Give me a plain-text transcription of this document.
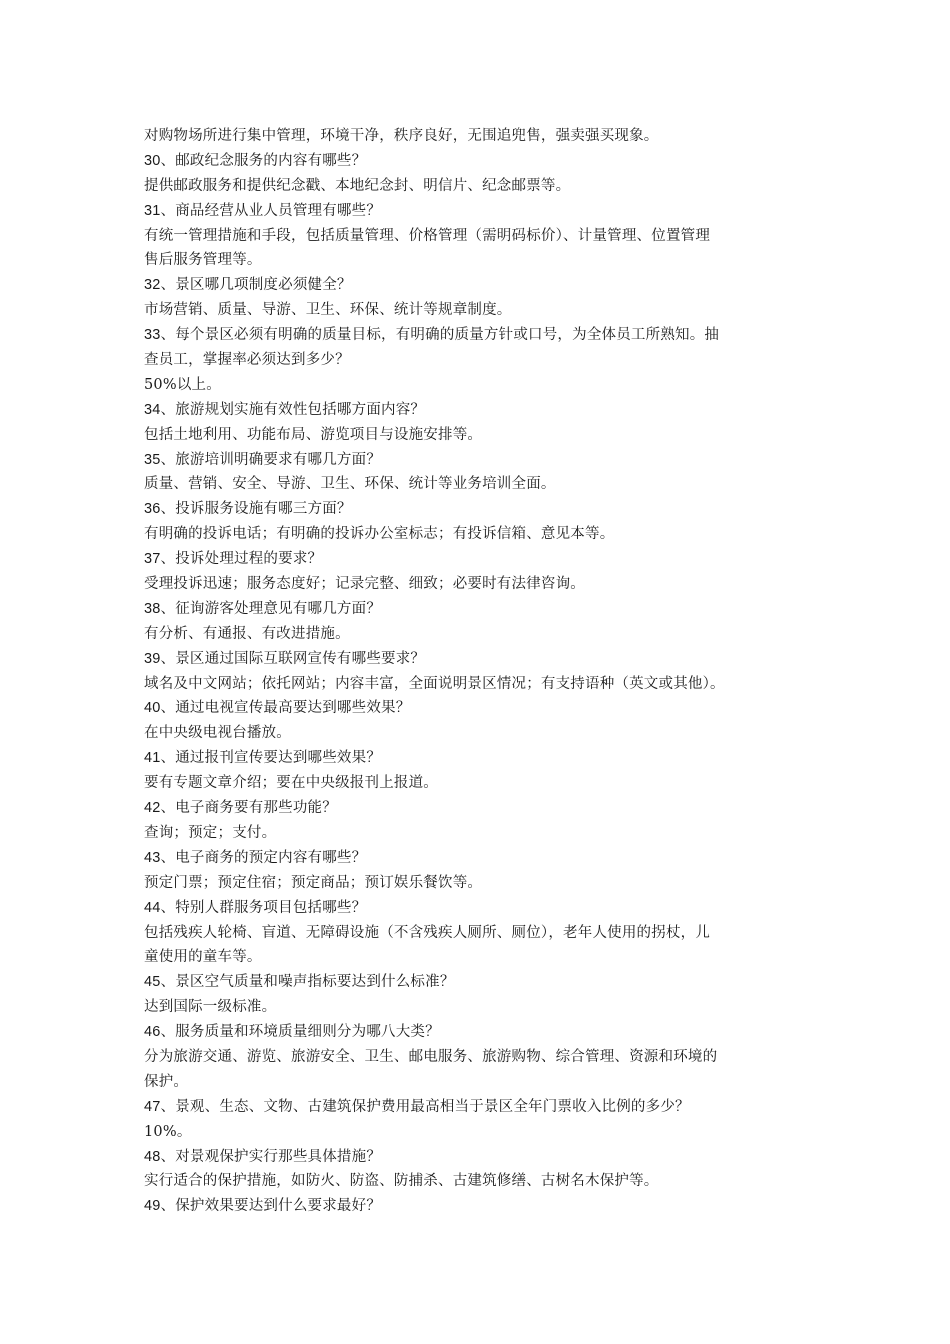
对购物场所进行集中管理，环境干净，秩序良好，无围追兜售，强卖强买现象。
30、邮政纪念服务的内容有哪些？
提供邮政服务和提供纪念戳、本地纪念封、明信片、纪念邮票等。
31、商品经营从业人员管理有哪些？
有统一管理措施和手段，包括质量管理、价格管理（需明码标价）、计量管理、位置管理
售后服务管理等。
32、景区哪几项制度必须健全？
市场营销、质量、导游、卫生、环保、统计等规章制度。
33、每个景区必须有明确的质量目标，有明确的质量方针或口号，为全体员工所熟知。抽
查员工，掌握率必须达到多少？
50%以上。
34、旅游规划实施有效性包括哪方面内容？
包括土地利用、功能布局、游览项目与设施安排等。
35、旅游培训明确要求有哪几方面？
质量、营销、安全、导游、卫生、环保、统计等业务培训全面。
36、投诉服务设施有哪三方面？
有明确的投诉电话；有明确的投诉办公室标志；有投诉信箱、意见本等。
37、投诉处理过程的要求？
受理投诉迅速；服务态度好；记录完整、细致；必要时有法律咨询。
38、征询游客处理意见有哪几方面？
有分析、有通报、有改进措施。
39、景区通过国际互联网宣传有哪些要求？
域名及中文网站；依托网站；内容丰富，全面说明景区情况；有支持语种（英文或其他）。
40、通过电视宣传最高要达到哪些效果？
在中央级电视台播放。
41、通过报刊宣传要达到哪些效果？
要有专题文章介绍；要在中央级报刊上报道。
42、电子商务要有那些功能？
查询；预定；支付。
43、电子商务的预定内容有哪些？
预定门票；预定住宿；预定商品；预订娱乐餐饮等。
44、特别人群服务项目包括哪些？
包括残疾人轮椅、盲道、无障碍设施（不含残疾人厕所、厕位），老年人使用的拐杖，儿
童使用的童车等。
45、景区空气质量和噪声指标要达到什么标准？
达到国际一级标准。
46、服务质量和环境质量细则分为哪八大类？
分为旅游交通、游览、旅游安全、卫生、邮电服务、旅游购物、综合管理、资源和环境的
保护。
47、景观、生态、文物、古建筑保护费用最高相当于景区全年门票收入比例的多少？
10%。
48、对景观保护实行那些具体措施？
实行适合的保护措施，如防火、防盗、防捕杀、古建筑修缮、古树名木保护等。
49、保护效果要达到什么要求最好？
